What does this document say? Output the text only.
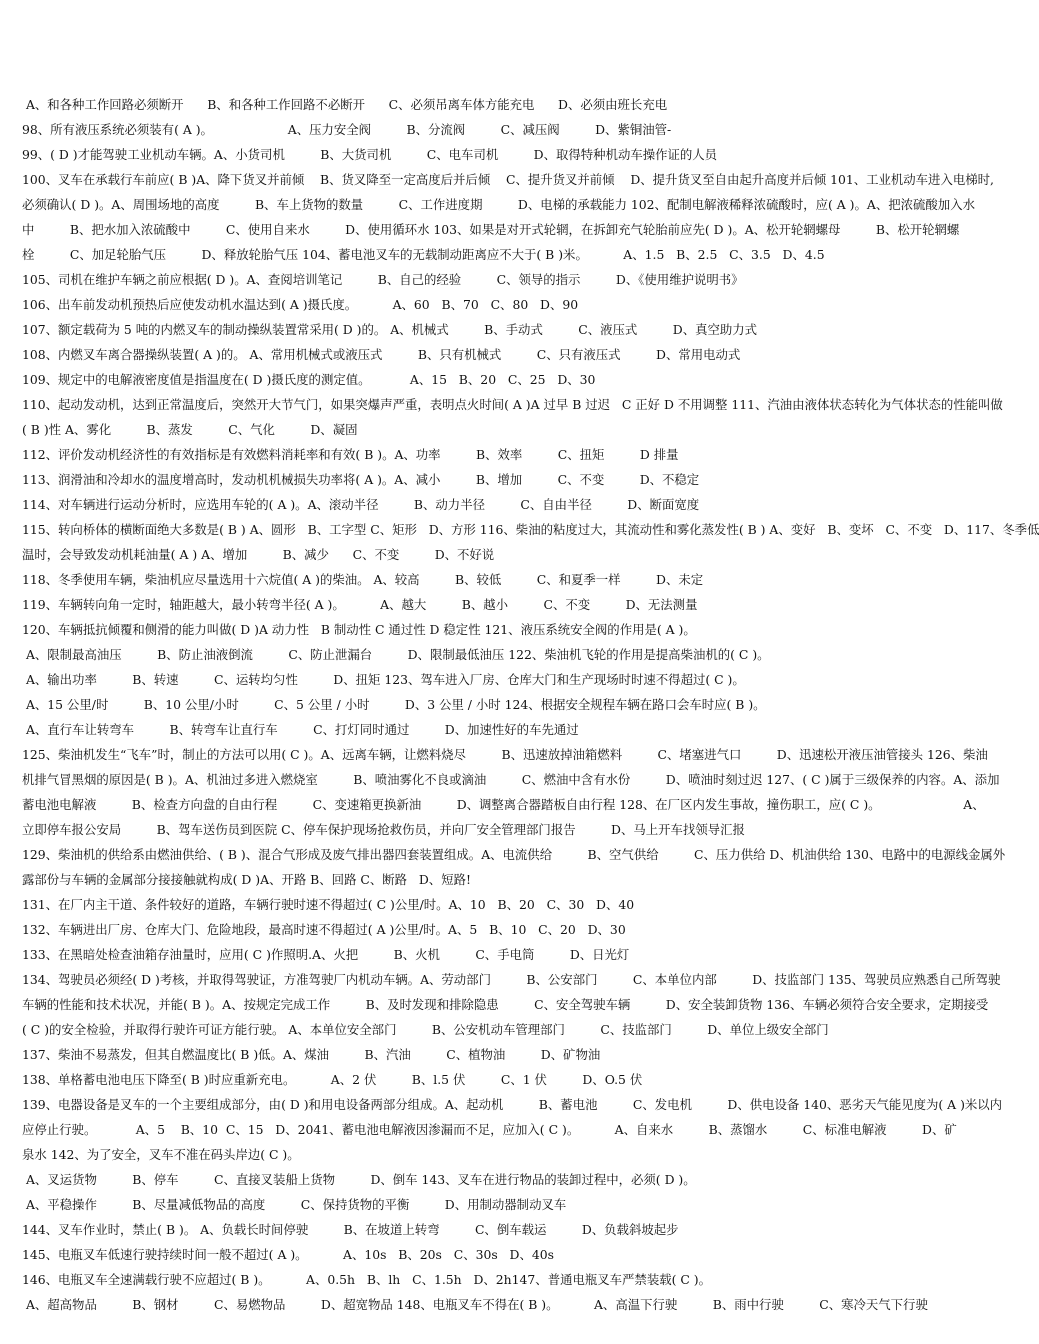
A、和各种工作回路必须断开      B、和各种工作回路不必断开      C、必须吊离车体方能充电      D、必须由班长充电
98、所有液压系统必须装有( A )。                   A、压力安全阀         B、分流阀         C、减压阀         D、紫铜油管-
99、( D )才能驾驶工业机动车辆。A、小货司机         B、大货司机         C、电车司机         D、取得特种机动车操作证的人员
100、叉车在承载行车前应( B )A、降下货叉并前倾    B、货叉降至一定高度后并后倾    C、提升货叉并前倾    D、提升货叉至自由起升高度并后倾 101、工业机动车进入电梯时,
必须确认( D )。A、周围场地的高度         B、车上货物的数量         C、工作进度期         D、电梯的承载能力 102、配制电解液稀释浓硫酸时，应( A )。A、把浓硫酸加入水
中         B、把水加入浓硫酸中         C、使用自来水         D、使用循环水 103、如果是对开式轮辋，在拆卸充气轮胎前应先( D )。A、松开轮辋螺母         B、松开轮辋螺
栓         C、加足轮胎气压         D、释放轮胎气压 104、蓄电池叉车的无载制动距离应不大于( B )米。         A、1.5   B、2.5   C、3.5   D、4.5
105、司机在维护车辆之前应根据( D )。A、查阅培训笔记         B、自己的经验         C、领导的指示         D、《使用维护说明书》
106、出车前发动机预热后应使发动机水温达到( A )摄氏度。         A、60   B、70   C、80   D、90
107、额定载荷为 5 吨的内燃叉车的制动操纵装置常采用( D )的。 A、机械式         B、手动式         C、液压式         D、真空助力式
108、内燃叉车离合器操纵装置( A )的。 A、常用机械式或液压式         B、只有机械式         C、只有液压式         D、常用电动式
109、规定中的电解液密度值是指温度在( D )摄氏度的测定值。          A、15   B、20   C、25   D、30
110、起动发动机，达到正常温度后，突然开大节气门，如果突爆声严重，表明点火时间( A )A 过早 B 过迟   C 正好 D 不用调整 111、汽油由液体状态转化为气体状态的性能叫做
( B )性 A、雾化         B、蒸发         C、气化         D、凝固
112、评价发动机经济性的有效指标是有效燃料消耗率和有效( B )。A、功率         B、效率         C、扭矩         D 排量
113、润滑油和冷却水的温度增高时，发动机机械损失功率将( A )。A、减小         B、增加         C、不变         D、不稳定
114、对车辆进行运动分析时，应选用车轮的( A )。A、滚动半径         B、动力半径         C、自由半径         D、断面宽度
115、转向桥体的横断面绝大多数是( B ) A、圆形   B、工字型 C、矩形   D、方形 116、柴油的粘度过大，其流动性和雾化蒸发性( B ) A、变好   B、变坏   C、不变   D、117、冬季低
温时，会导致发动机耗油量( A ) A、增加         B、减少      C、不变         D、不好说
118、冬季使用车辆，柴油机应尽量选用十六烷值( A )的柴油。 A、较高         B、较低         C、和夏季一样         D、未定
119、车辆转向角一定时，轴距越大，最小转弯半径( A )。         A、越大         B、越小         C、不变         D、无法测量
120、车辆抵抗倾覆和侧滑的能力叫做( D )A 动力性   B 制动性 C 通过性 D 稳定性 121、液压系统安全阀的作用是( A )。
A、限制最高油压         B、防止油液倒流         C、防止泄漏台         D、限制最低油压 122、柴油机飞轮的作用是提高柴油机的( C )。
A、输出功率         B、转速         C、运转均匀性         D、扭矩 123、驾车进入厂房、仓库大门和生产现场时时速不得超过( C )。
A、15 公里/时         B、10 公里/小时         C、5 公里 / 小时         D、3 公里 / 小时 124、根据安全规程车辆在路口会车时应( B )。
A、直行车让转弯车         B、转弯车让直行车         C、打灯同时通过         D、加速性好的车先通过
125、柴油机发生“飞车”时，制止的方法可以用( C )。A、远离车辆，让燃料烧尽         B、迅速放掉油箱燃料         C、堵塞进气口         D、迅速松开液压油管接头 126、柴油
机排气冒黑烟的原因是( B )。A、机油过多进入燃烧室         B、喷油雾化不良或滴油         C、燃油中含有水份         D、喷油时刻过迟 127、( C )属于三级保养的内容。A、添加
蓄电池电解液         B、检查方向盘的自由行程         C、变速箱更换新油         D、调整离合器踏板自由行程 128、在厂区内发生事故，撞伤职工，应( C )。                     A、
立即停车报公安局         B、驾车送伤员到医院 C、停车保护现场抢救伤员，并向厂安全管理部门报告         D、马上开车找领导汇报
129、柴油机的供给系由燃油供给、( B )、混合气形成及废气排出器四套装置组成。A、电流供给         B、空气供给         C、压力供给 D、机油供给 130、电路中的电源线金属外
露部份与车辆的金属部分接接触就构成( D )A、开路 B、回路 C、断路   D、短路!
131、在厂内主干道、条件较好的道路，车辆行驶时速不得超过( C )公里/时。A、10   B、20   C、30   D、40
132、车辆进出厂房、仓库大门、危险地段，最高时速不得超过( A )公里/时。A、5   B、10   C、20   D、30
133、在黑暗处检查油箱存油量时，应用( C )作照明.A、火把         B、火机         C、手电筒         D、日光灯
134、驾驶员必须经( D )考核，并取得驾驶证，方准驾驶厂内机动车辆。A、劳动部门         B、公安部门         C、本单位内部         D、技监部门 135、驾驶员应熟悉自己所驾驶
车辆的性能和技术状况，并能( B )。A、按规定完成工作         B、及时发现和排除隐患         C、安全驾驶车辆         D、安全装卸货物 136、车辆必须符合安全要求，定期接受
( C )的安全检验，并取得行驶许可证方能行驶。 A、本单位安全部门         B、公安机动车管理部门         C、技监部门         D、单位上级安全部门
137、柴油不易蒸发，但其自燃温度比( B )低。A、煤油         B、汽油         C、植物油         D、矿物油
138、单格蓄电池电压下降至( B )时应重新充电。         A、2 伏         B、l.5 伏         C、1 伏         D、O.5 伏
139、电器设备是叉车的一个主要组成部分，由( D )和用电设备两部分组成。A、起动机         B、蓄电池         C、发电机         D、供电设备 140、恶劣天气能见度为( A )米以内
应停止行驶。          A、5    B、10  C、15   D、2041、蓄电池电解液因渗漏而不足，应加入( C )。         A、自来水         B、蒸馏水         C、标准电解液         D、矿
泉水 142、为了安全，叉车不准在码头岸边( C )。
A、叉运货物         B、停车         C、直接叉装船上货物         D、倒车 143、叉车在进行物品的装卸过程中，必须( D )。
A、平稳操作         B、尽量减低物品的高度         C、保持货物的平衡         D、用制动器制动叉车
144、叉车作业时，禁止( B )。 A、负载长时间停驶         B、在坡道上转弯         C、倒车载运         D、负载斜坡起步
145、电瓶叉车低速行驶持续时间一般不超过( A )。         A、10s   B、20s   C、30s   D、40s
146、电瓶叉车全速满载行驶不应超过( B )。         A、0.5h   B、lh   C、1.5h   D、2h147、普通电瓶叉车严禁装载( C )。
A、超高物品         B、钢材         C、易燃物品         D、超宽物品 148、电瓶叉车不得在( B )。         A、高温下行驶         B、雨中行驶         C、寒冷天气下行驶
